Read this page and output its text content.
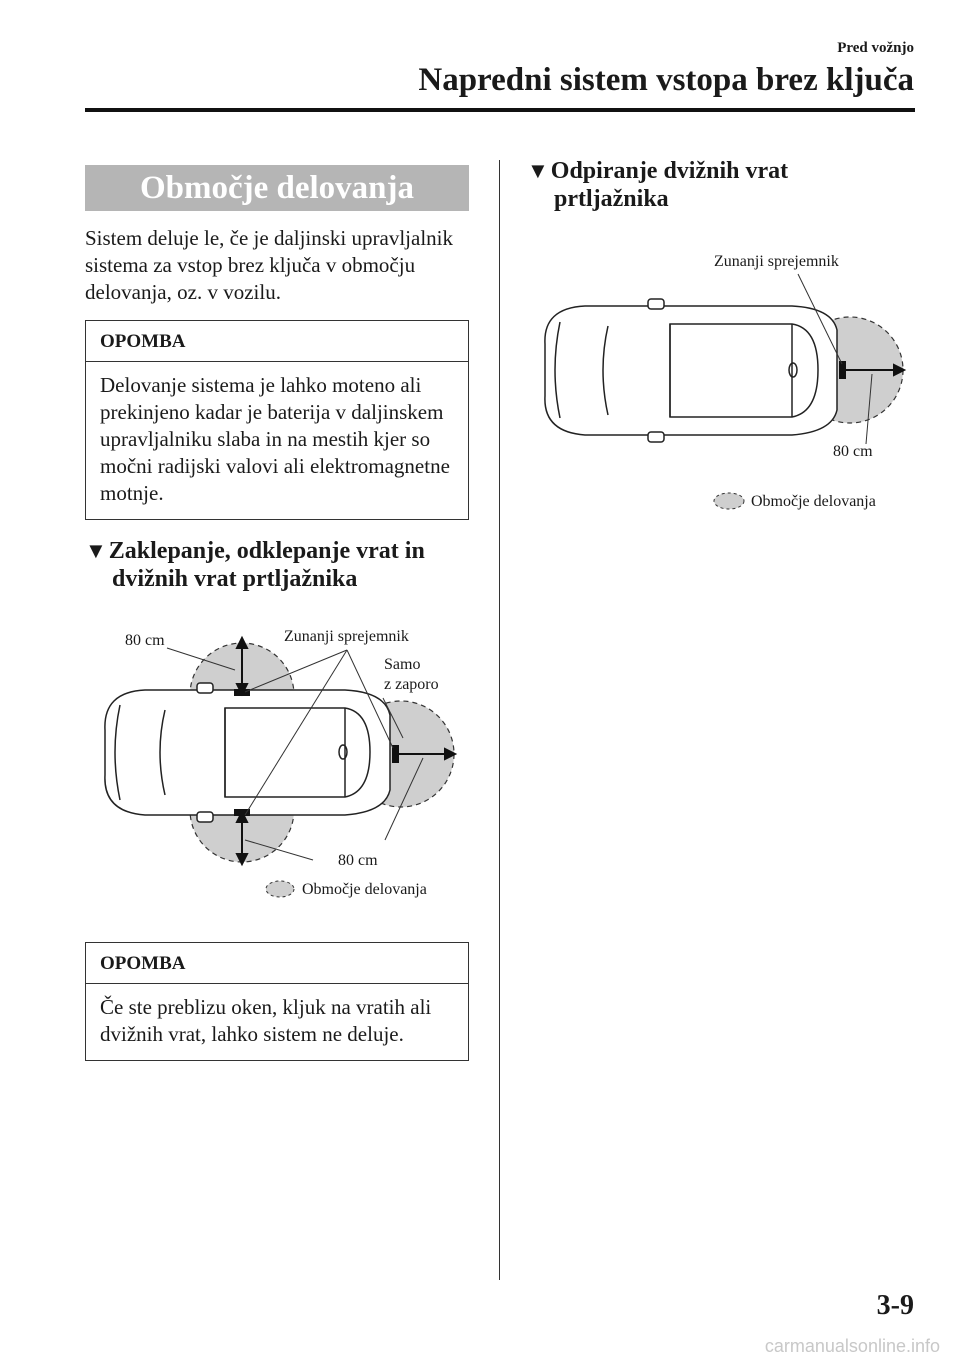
Pred vožnjo
Napredni sistem vstopa brez ključa
Območje delovanja
Sistem deluje le, če je daljinski upravljalnik sistema za vstop brez ključa v območju delovanja, oz. v vozilu.
OPOMBA
Delovanje sistema je lahko moteno ali prekinjeno kadar je baterija v daljinskem upravljalniku slaba in na mestih kjer so močni radijski valovi ali elektromagnetne motnje.
▼Zaklepanje, odklepanje vrat in
dvižnih vrat prtljažnika
80 cm	Zunanji sprejemnik
Samo
z zaporo
80 cm
Območje delovanja
OPOMBA
Če ste preblizu oken, kljuk na vratih ali dvižnih vrat, lahko sistem ne deluje.
▼Odpiranje dvižnih vrat
prtljažnika
Zunanji sprejemnik
80 cm
Območje delovanja
3-9
carmanualsonline.info
